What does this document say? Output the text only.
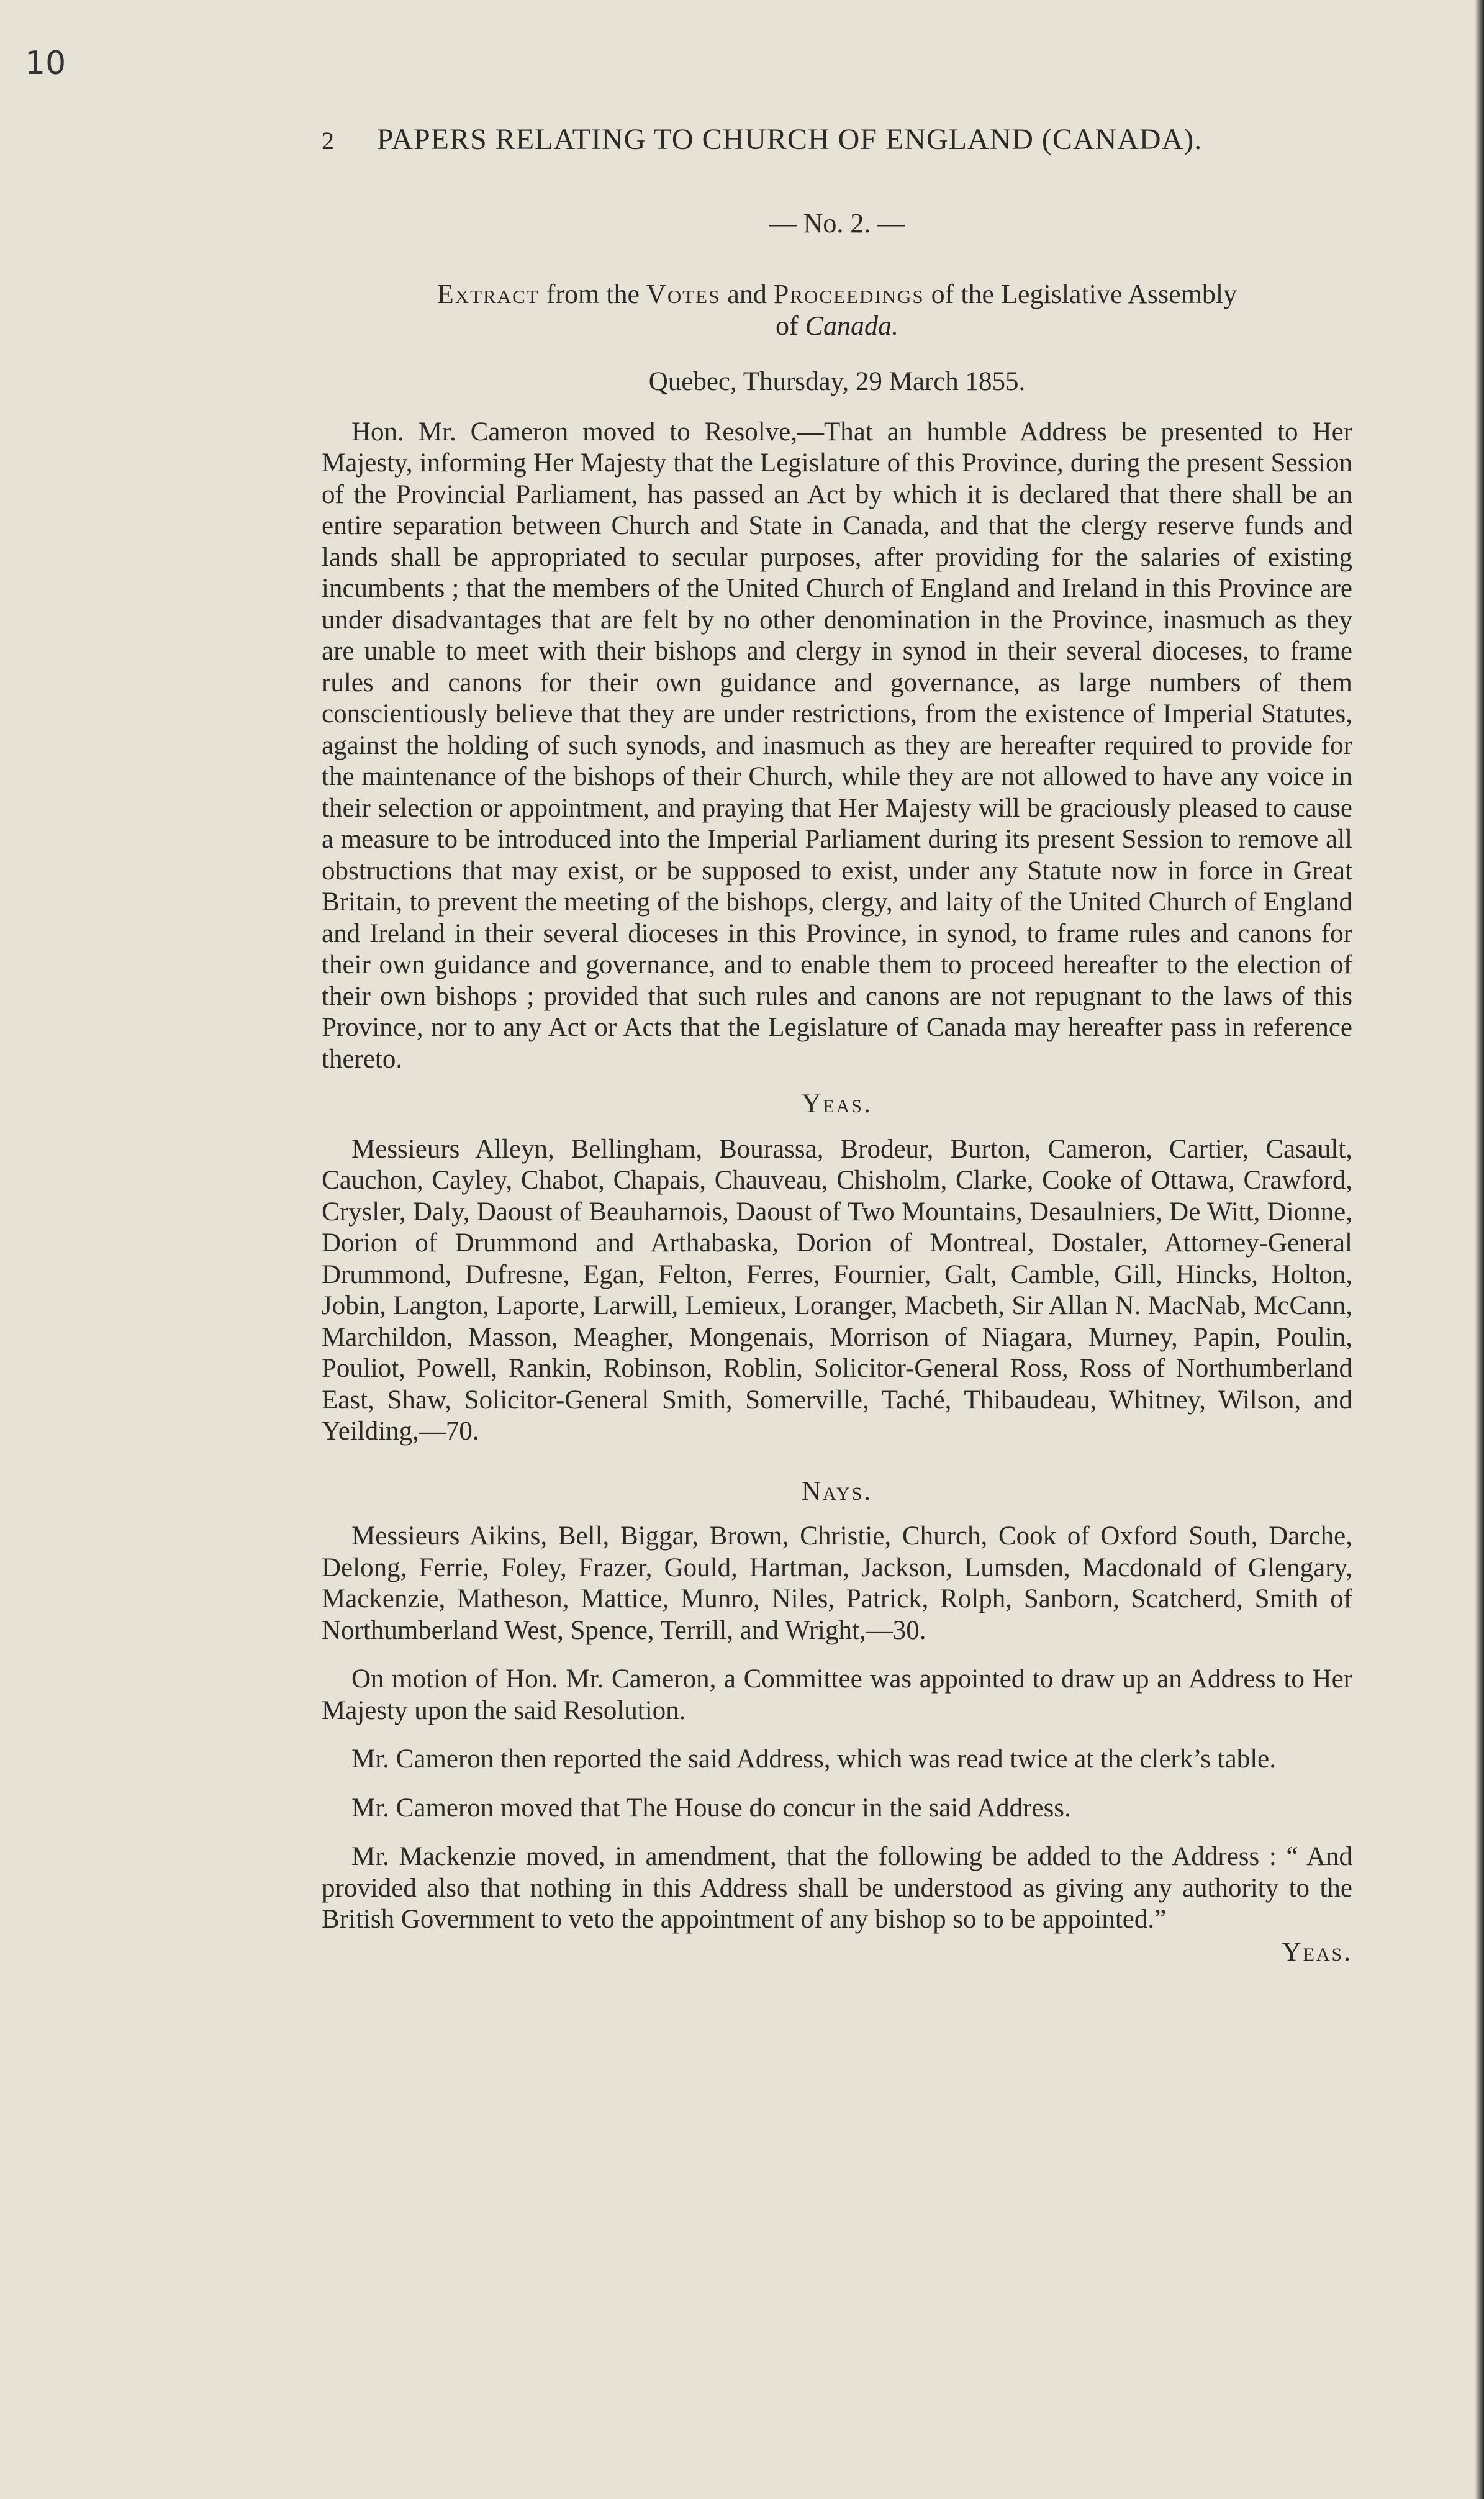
10
2 PAPERS RELATING TO CHURCH OF ENGLAND (CANADA).
— No. 2. —
Extract from the Votes and Proceedings of the Legislative Assembly
of Canada.
Quebec, Thursday, 29 March 1855.

Hon. Mr. Cameron moved to Resolve,—That an humble Address be presented to Her Majesty, informing Her Majesty that the Legislature of this Province, during the present Session of the Provincial Parliament, has passed an Act by which it is declared that there shall be an entire separation between Church and State in Canada, and that the clergy reserve funds and lands shall be appropriated to secular purposes, after providing for the salaries of existing incumbents ; that the members of the United Church of England and Ireland in this Province are under disadvantages that are felt by no other denomination in the Province, inasmuch as they are unable to meet with their bishops and clergy in synod in their several dioceses, to frame rules and canons for their own guidance and governance, as large numbers of them conscientiously believe that they are under restrictions, from the existence of Imperial Statutes, against the holding of such synods, and inasmuch as they are hereafter required to provide for the maintenance of the bishops of their Church, while they are not allowed to have any voice in their selection or appointment, and praying that Her Majesty will be graciously pleased to cause a measure to be introduced into the Imperial Parliament during its present Session to remove all obstructions that may exist, or be supposed to exist, under any Statute now in force in Great Britain, to prevent the meeting of the bishops, clergy, and laity of the United Church of England and Ireland in their several dioceses in this Province, in synod, to frame rules and canons for their own guidance and governance, and to enable them to proceed hereafter to the election of their own bishops ; provided that such rules and canons are not repugnant to the laws of this Province, nor to any Act or Acts that the Legislature of Canada may hereafter pass in reference thereto.

Yeas.

Messieurs Alleyn, Bellingham, Bourassa, Brodeur, Burton, Cameron, Cartier, Casault, Cauchon, Cayley, Chabot, Chapais, Chauveau, Chisholm, Clarke, Cooke of Ottawa, Crawford, Crysler, Daly, Daoust of Beauharnois, Daoust of Two Mountains, Desaulniers, De Witt, Dionne, Dorion of Drummond and Arthabaska, Dorion of Montreal, Dostaler, Attorney-General Drummond, Dufresne, Egan, Felton, Ferres, Fournier, Galt, Camble, Gill, Hincks, Holton, Jobin, Langton, Laporte, Larwill, Lemieux, Loranger, Macbeth, Sir Allan N. MacNab, McCann, Marchildon, Masson, Meagher, Mongenais, Morrison of Niagara, Murney, Papin, Poulin, Pouliot, Powell, Rankin, Robinson, Roblin, Solicitor-General Ross, Ross of Northumberland East, Shaw, Solicitor-General Smith, Somerville, Taché, Thibaudeau, Whitney, Wilson, and Yeilding,—70.

Nays.

Messieurs Aikins, Bell, Biggar, Brown, Christie, Church, Cook of Oxford South, Darche, Delong, Ferrie, Foley, Frazer, Gould, Hartman, Jackson, Lumsden, Macdonald of Glengary, Mackenzie, Matheson, Mattice, Munro, Niles, Patrick, Rolph, Sanborn, Scatcherd, Smith of Northumberland West, Spence, Terrill, and Wright,—30.

On motion of Hon. Mr. Cameron, a Committee was appointed to draw up an Address to Her Majesty upon the said Resolution.

Mr. Cameron then reported the said Address, which was read twice at the clerk’s table.

Mr. Cameron moved that The House do concur in the said Address.

Mr. Mackenzie moved, in amendment, that the following be added to the Address : “ And provided also that nothing in this Address shall be understood as giving any authority to the British Government to veto the appointment of any bishop so to be appointed.”

Yeas.
